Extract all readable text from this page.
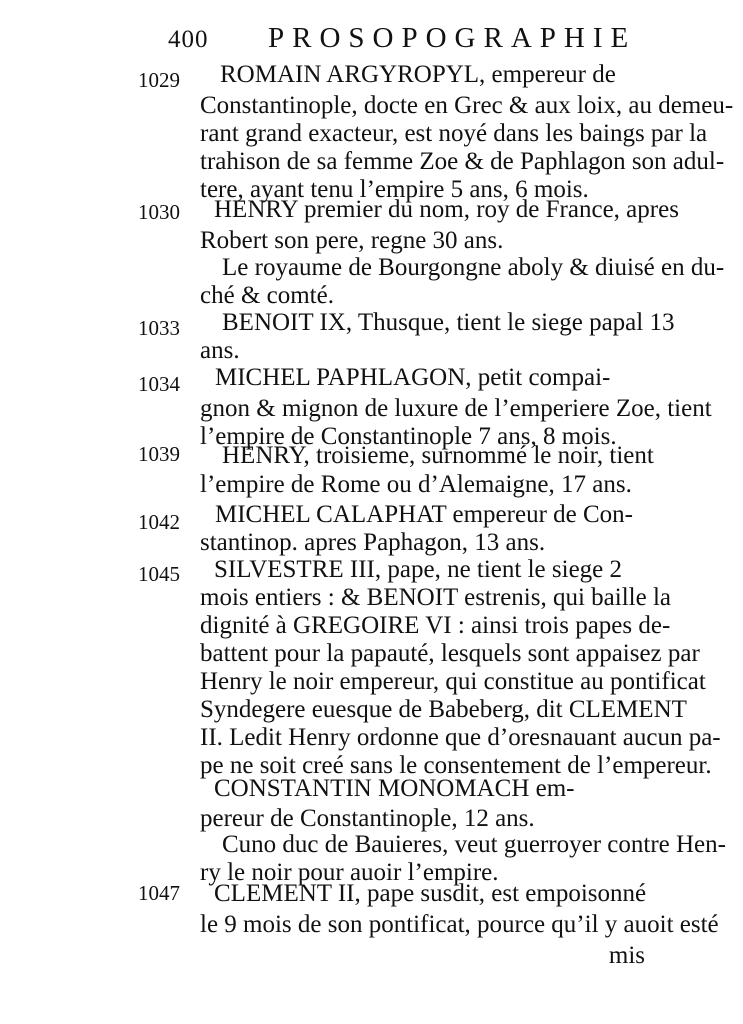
400 PROSOPOGRAPHIE
1029 ROMAIN ARGYROPYL, empereur de
Constantinople, docte en Grec & aux loix, au demeu-
rant grand exacteur, est noyé dans les baings par la
trahison de sa femme Zoe & de Paphlagon son adul-
tere, ayant tenu l’empire 5 ans, 6 mois.
1030 HENRY premier du nom, roy de France, apres
Robert son pere, regne 30 ans.
Le royaume de Bourgongne aboly & diuisé en du-
ché & comté.
1033 BENOIT IX, Thusque, tient le siege papal 13
ans.
1034 MICHEL PAPHLAGON, petit compai-
gnon & mignon de luxure de l’emperiere Zoe, tient
l’empire de Constantinople 7 ans, 8 mois.
1039 HENRY, troisieme, surnommé le noir, tient
l’empire de Rome ou d’Alemaigne, 17 ans.
1042 MICHEL CALAPHAT empereur de Con-
stantinop. apres Paphagon, 13 ans.
1045 SILVESTRE III, pape, ne tient le siege 2
mois entiers : & BENOIT estrenis, qui baille la
dignité à GREGOIRE VI : ainsi trois papes de-
battent pour la papauté, lesquels sont appaisez par
Henry le noir empereur, qui constitue au pontificat
Syndegere euesque de Babeberg, dit CLEMENT
II. Ledit Henry ordonne que d’oresnauant aucun pa-
pe ne soit creé sans le consentement de l’empereur.
CONSTANTIN MONOMACH em-
pereur de Constantinople, 12 ans.
Cuno duc de Bauieres, veut guerroyer contre Hen-
ry le noir pour auoir l’empire.
1047 CLEMENT II, pape susdit, est empoisonné
le 9 mois de son pontificat, pource qu’il y auoit esté
mis
